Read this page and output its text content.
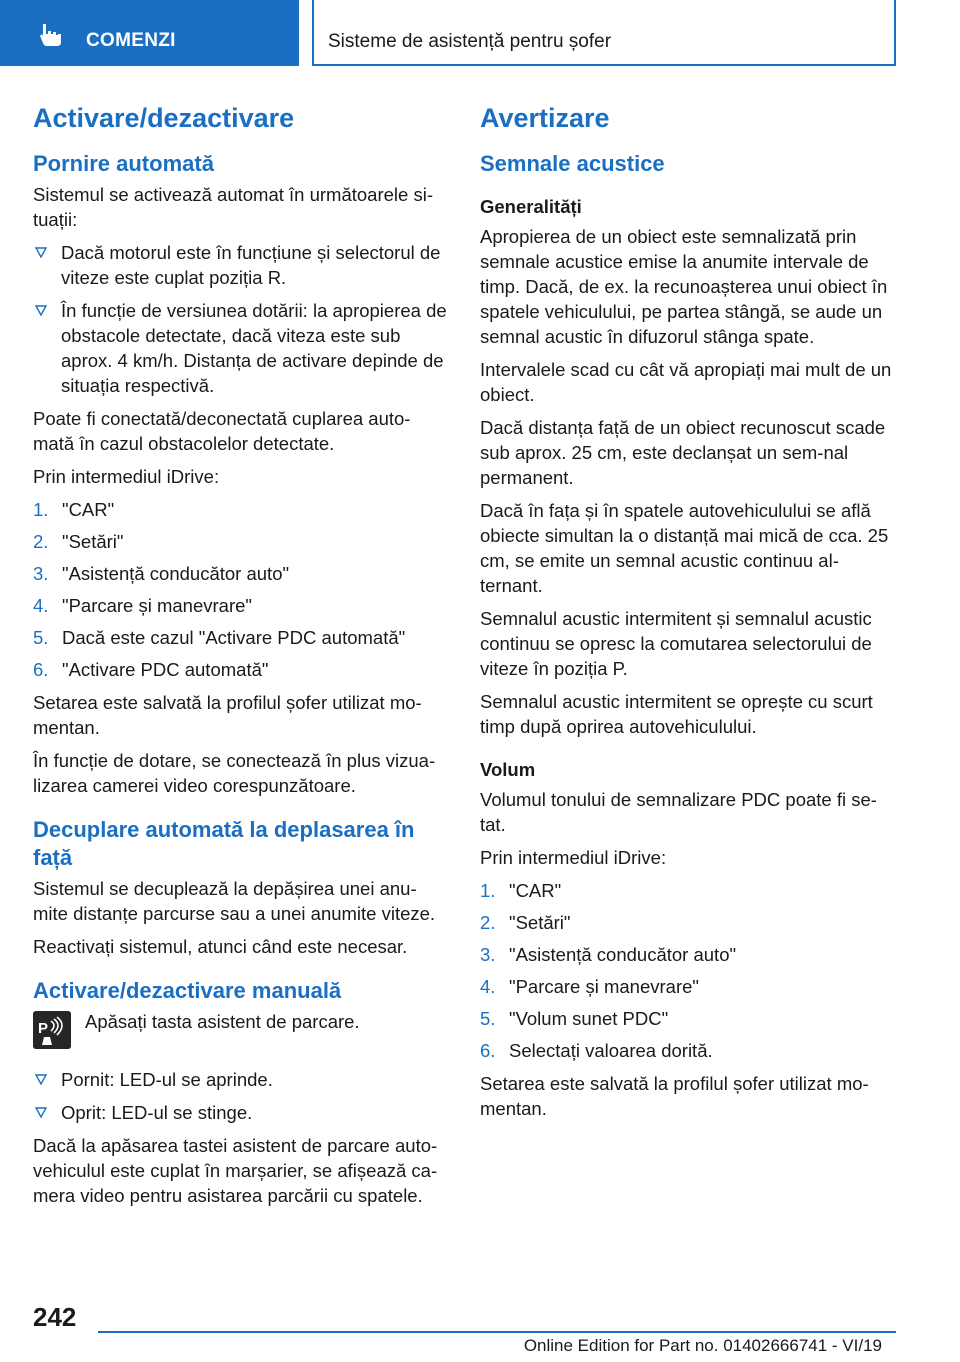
COMENZI	Sisteme de asistență pentru șofer
Activare/dezactivare
Pornire automată

Sistemul se activează automat în următoarele si-tuații:

Dacă motorul este în funcțiune și selectorul de viteze este cuplat poziția R.
În funcție de versiunea dotării: la apropierea de obstacole detectate, dacă viteza este sub aprox. 4 km/h. Distanța de activare depinde de situația respectivă.

Poate fi conectată/deconectată cuplarea auto-mată în cazul obstacolelor detectate.

Prin intermediul iDrive:

1. "CAR"
2. "Setări"
3. "Asistență conducător auto"
4. "Parcare și manevrare"
5. Dacă este cazul "Activare PDC automată"
6. "Activare PDC automată"

Setarea este salvată la profilul șofer utilizat mo-mentan.

În funcție de dotare, se conectează în plus vizua-lizarea camerei video corespunzătoare.

Decuplare automată la deplasarea în față

Sistemul se decuplează la depășirea unei anu-mite distanțe parcurse sau a unei anumite viteze.

Reactivați sistemul, atunci când este necesar.

Activare/dezactivare manuală
P	Apăsați tasta asistent de parcare.
Pornit: LED-ul se aprinde.
Oprit: LED-ul se stinge.

Dacă la apăsarea tastei asistent de parcare auto-vehiculul este cuplat în marșarier, se afișează ca-mera video pentru asistarea parcării cu spatele.

Avertizare
Semnale acustice
Generalități

Apropierea de un obiect este semnalizată prin semnale acustice emise la anumite intervale de timp. Dacă, de ex. la recunoașterea unui obiect în spatele vehiculului, pe partea stângă, se aude un semnal acustic în difuzorul stânga spate.

Intervalele scad cu cât vă apropiați mai mult de un obiect.

Dacă distanța față de un obiect recunoscut scade sub aprox. 25 cm, este declanșat un sem-nal permanent.

Dacă în fața și în spatele autovehiculului se află obiecte simultan la o distanță mai mică de cca. 25 cm, se emite un semnal acustic continuu al-ternant.

Semnalul acustic intermitent și semnalul acustic continuu se opresc la comutarea selectorului de viteze în poziția P.

Semnalul acustic intermitent se oprește cu scurt timp după oprirea autovehiculului.

Volum

Volumul tonului de semnalizare PDC poate fi se-tat.

Prin intermediul iDrive:

1. "CAR"
2. "Setări"
3. "Asistență conducător auto"
4. "Parcare și manevrare"
5. "Volum sunet PDC"
6. Selectați valoarea dorită.

Setarea este salvată la profilul șofer utilizat mo-mentan.

242
Online Edition for Part no. 01402666741 - VI/19
